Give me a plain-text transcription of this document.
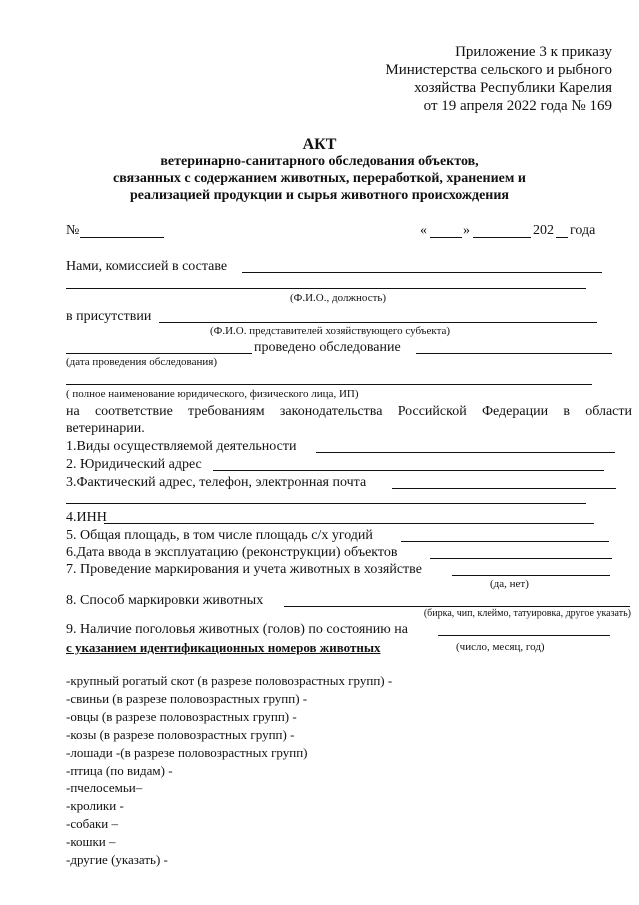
Приложение 3 к приказу
Министерства сельского и рыбного
хозяйства Республики Карелия
от 19 апреля 2022 года № 169
АКТ
ветеринарно-санитарного обследования объектов,
связанных с содержанием животных, переработкой, хранением и
реализацией продукции и сырья животного происхождения
№	«	»	202 года
Нами, комиссией в составе
(Ф.И.О., должность)
в присутствии
(Ф.И.О. представителей хозяйствующего субъекта)
проведено обследование
(дата проведения обследования)
( полное наименование юридического, физического лица, ИП)
на соответствие требованиям законодательства Российской Федерации в области
ветеринарии.
1.Виды осуществляемой деятельности
2. Юридический адрес
3.Фактический адрес, телефон, электронная почта
4.ИНН
5. Общая площадь, в том числе площадь с/х угодий
6.Дата ввода в эксплуатацию (реконструкции) объектов
7. Проведение маркирования и учета животных в хозяйстве
(да, нет)
8. Способ маркировки животных
(бирка, чип, клеймо, татуировка, другое указать)
9. Наличие поголовья животных (голов) по состоянию на
с указанием идентификационных номеров животных	(число, месяц, год)
-крупный рогатый скот (в разрезе половозрастных групп) -
-свиньи (в разрезе половозрастных групп) -
-овцы (в разрезе половозрастных групп) -
-козы (в разрезе половозрастных групп) -
-лошади -(в разрезе половозрастных групп)
-птица (по видам) -
-пчелосемьи–
-кролики -
-собаки –
-кошки –
-другие (указать) -
